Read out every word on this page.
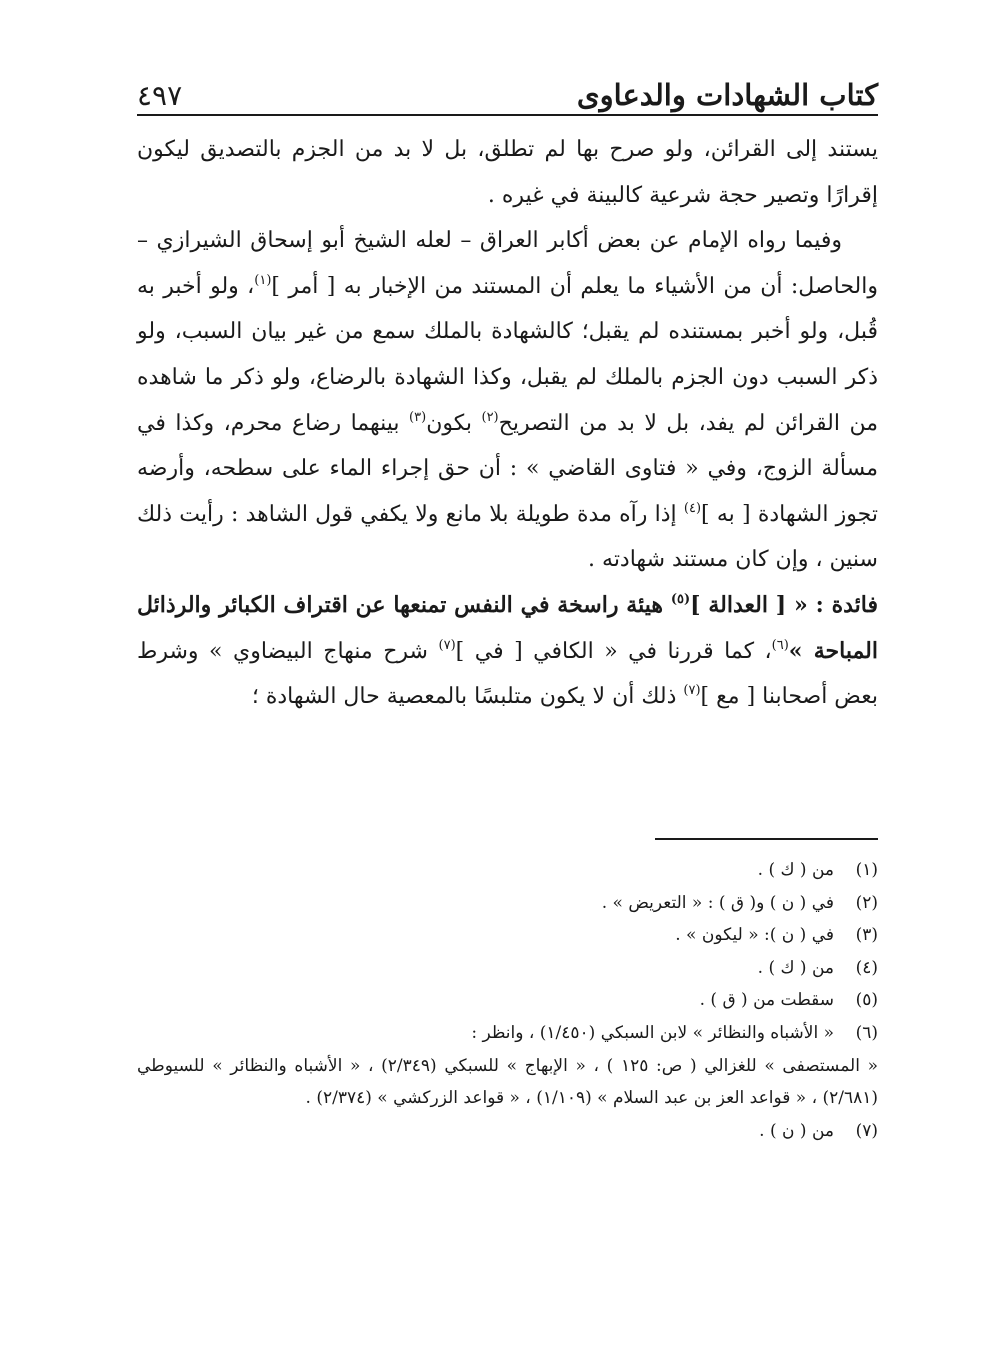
كتاب الشهادات والدعاوى
٤٩٧

يستند إلى القرائن، ولو صرح بها لم تطلق، بل لا بد من الجزم بالتصديق ليكون إقرارًا وتصير حجة شرعية كالبينة في غيره .

وفيما رواه الإمام عن بعض أكابر العراق – لعله الشيخ أبو إسحاق الشيرازي – والحاصل: أن من الأشياء ما يعلم أن المستند من الإخبار به [ أمر ]$^{(١)}$، ولو أخبر به قُبل، ولو أخبر بمستنده لم يقبل؛ كالشهادة بالملك سمع من غير بيان السبب، ولو ذكر السبب دون الجزم بالملك لم يقبل، وكذا الشهادة بالرضاع، ولو ذكر ما شاهده من القرائن لم يفد، بل لا بد من التصريح$^{(٢)}$ بكون$^{(٣)}$ بينهما رضاع محرم، وكذا في مسألة الزوج، وفي « فتاوى القاضي » : أن حق إجراء الماء على سطحه، وأرضه تجوز الشهادة [ به ]$^{(٤)}$ إذا رآه مدة طويلة بلا مانع ولا يكفي قول الشاهد : رأيت ذلك سنين ، وإن كان مستند شهادته .

فائدة : « [ العدالة ]$^{(٥)}$ هيئة راسخة في النفس تمنعها عن اقتراف الكبائر والرذائل المباحة »$^{(٦)}$، كما قررنا في « الكافي [ في ]$^{(٧)}$ شرح منهاج البيضاوي » وشرط بعض أصحابنا [ مع ]$^{(٧)}$ ذلك أن لا يكون متلبسًا بالمعصية حال الشهادة ؛

(١)
من ( ك ) .
(٢)
في ( ن ) و( ق ) : « التعريض » .
(٣)
في ( ن ): « ليكون » .
(٤)
من ( ك ) .
(٥)
سقطت من ( ق ) .
(٦)
« الأشباه والنظائر » لابن السبكي (١/٤٥٠) ، وانظر :
« المستصفى » للغزالي ( ص: ١٢٥ ) ، « الإبهاج » للسبكي (٢/٣٤٩) ، « الأشباه والنظائر » للسيوطي (٢/٦٨١) ، « قواعد العز بن عبد السلام » (١/١٠٩) ، « قواعد الزركشي » (٢/٣٧٤) .
(٧)
من ( ن ) .
